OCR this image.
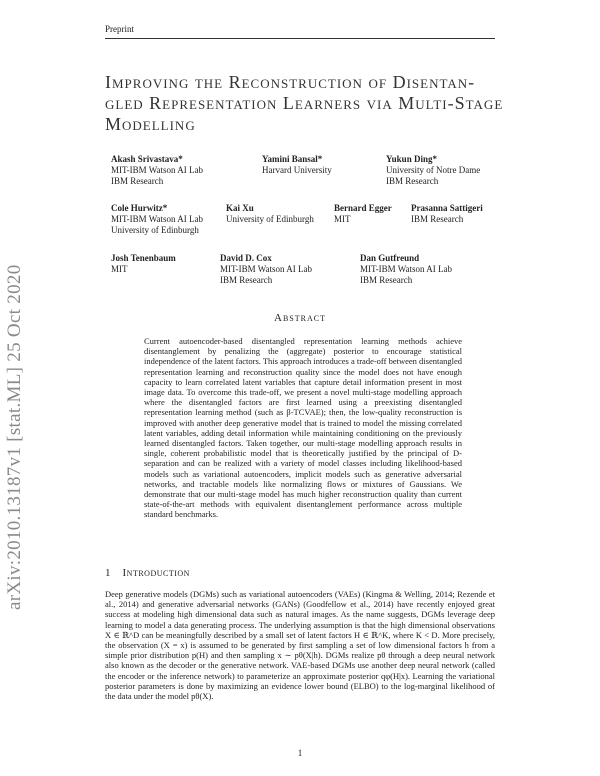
Preprint
arXiv:2010.13187v1 [stat.ML] 25 Oct 2020
Improving the Reconstruction of Disentan-gled Representation Learners via Multi-Stage Modelling
Akash Srivastava*
MIT-IBM Watson AI Lab
IBM Research
Yamini Bansal*
Harvard University
Yukun Ding*
University of Notre Dame
IBM Research
Cole Hurwitz*
MIT-IBM Watson AI Lab
University of Edinburgh
Kai Xu
University of Edinburgh
Bernard Egger
MIT
Prasanna Sattigeri
IBM Research
Josh Tenenbaum
MIT
David D. Cox
MIT-IBM Watson AI Lab
IBM Research
Dan Gutfreund
MIT-IBM Watson AI Lab
IBM Research
Abstract
Current autoencoder-based disentangled representation learning methods achieve disentanglement by penalizing the (aggregate) posterior to encourage statistical independence of the latent factors. This approach introduces a trade-off between disentangled representation learning and reconstruction quality since the model does not have enough capacity to learn correlated latent variables that capture detail information present in most image data. To overcome this trade-off, we present a novel multi-stage modelling approach where the disentangled factors are first learned using a preexisting disentangled representation learning method (such as β-TCVAE); then, the low-quality reconstruction is improved with another deep generative model that is trained to model the missing correlated latent variables, adding detail information while maintaining conditioning on the previously learned disentangled factors. Taken together, our multi-stage modelling approach results in single, coherent probabilistic model that is theoretically justified by the principal of D-separation and can be realized with a variety of model classes including likelihood-based models such as variational autoencoders, implicit models such as generative adversarial networks, and tractable models like normalizing flows or mixtures of Gaussians. We demonstrate that our multi-stage model has much higher reconstruction quality than current state-of-the-art methods with equivalent disentanglement performance across multiple standard benchmarks.
1 Introduction
Deep generative models (DGMs) such as variational autoencoders (VAEs) (Kingma & Welling, 2014; Rezende et al., 2014) and generative adversarial networks (GANs) (Goodfellow et al., 2014) have recently enjoyed great success at modeling high dimensional data such as natural images. As the name suggests, DGMs leverage deep learning to model a data generating process. The underlying assumption is that the high dimensional observations X ∈ ℝ^D can be meaningfully described by a small set of latent factors H ∈ ℝ^K, where K < D. More precisely, the observation (X = x) is assumed to be generated by first sampling a set of low dimensional factors h from a simple prior distribution p(H) and then sampling x ∼ pθ(X|h). DGMs realize pθ through a deep neural network also known as the decoder or the generative network. VAE-based DGMs use another deep neural network (called the encoder or the inference network) to parameterize an approximate posterior qφ(H|x). Learning the variational posterior parameters is done by maximizing an evidence lower bound (ELBO) to the log-marginal likelihood of the data under the model pθ(X).
1
